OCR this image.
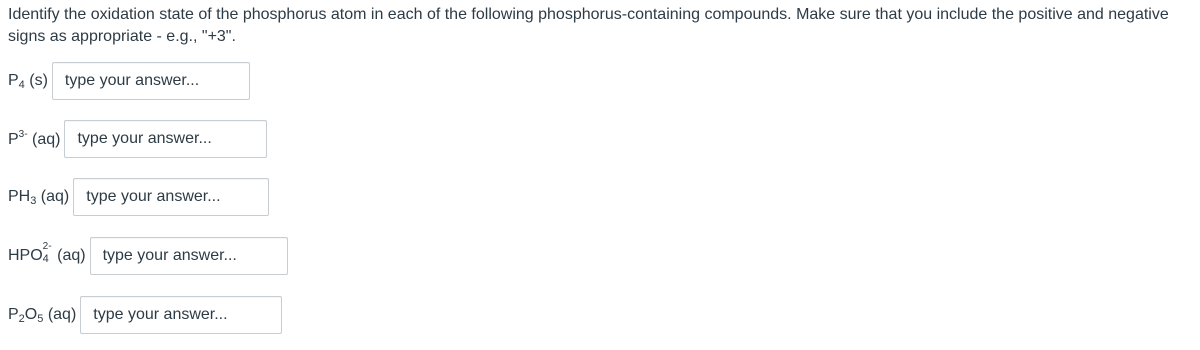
Identify the oxidation state of the phosphorus atom in each of the following phosphorus-containing compounds. Make sure that you include the positive and negative signs as appropriate - e.g., "+3".
$P_4$ (s)
type your answer...
$P^{3-}$ (aq)
type your answer...
$PH_3$ (aq)
type your answer...
HPO
2-
4 (aq)
type your answer...
$P_2O_5$ (aq)
type your answer...
